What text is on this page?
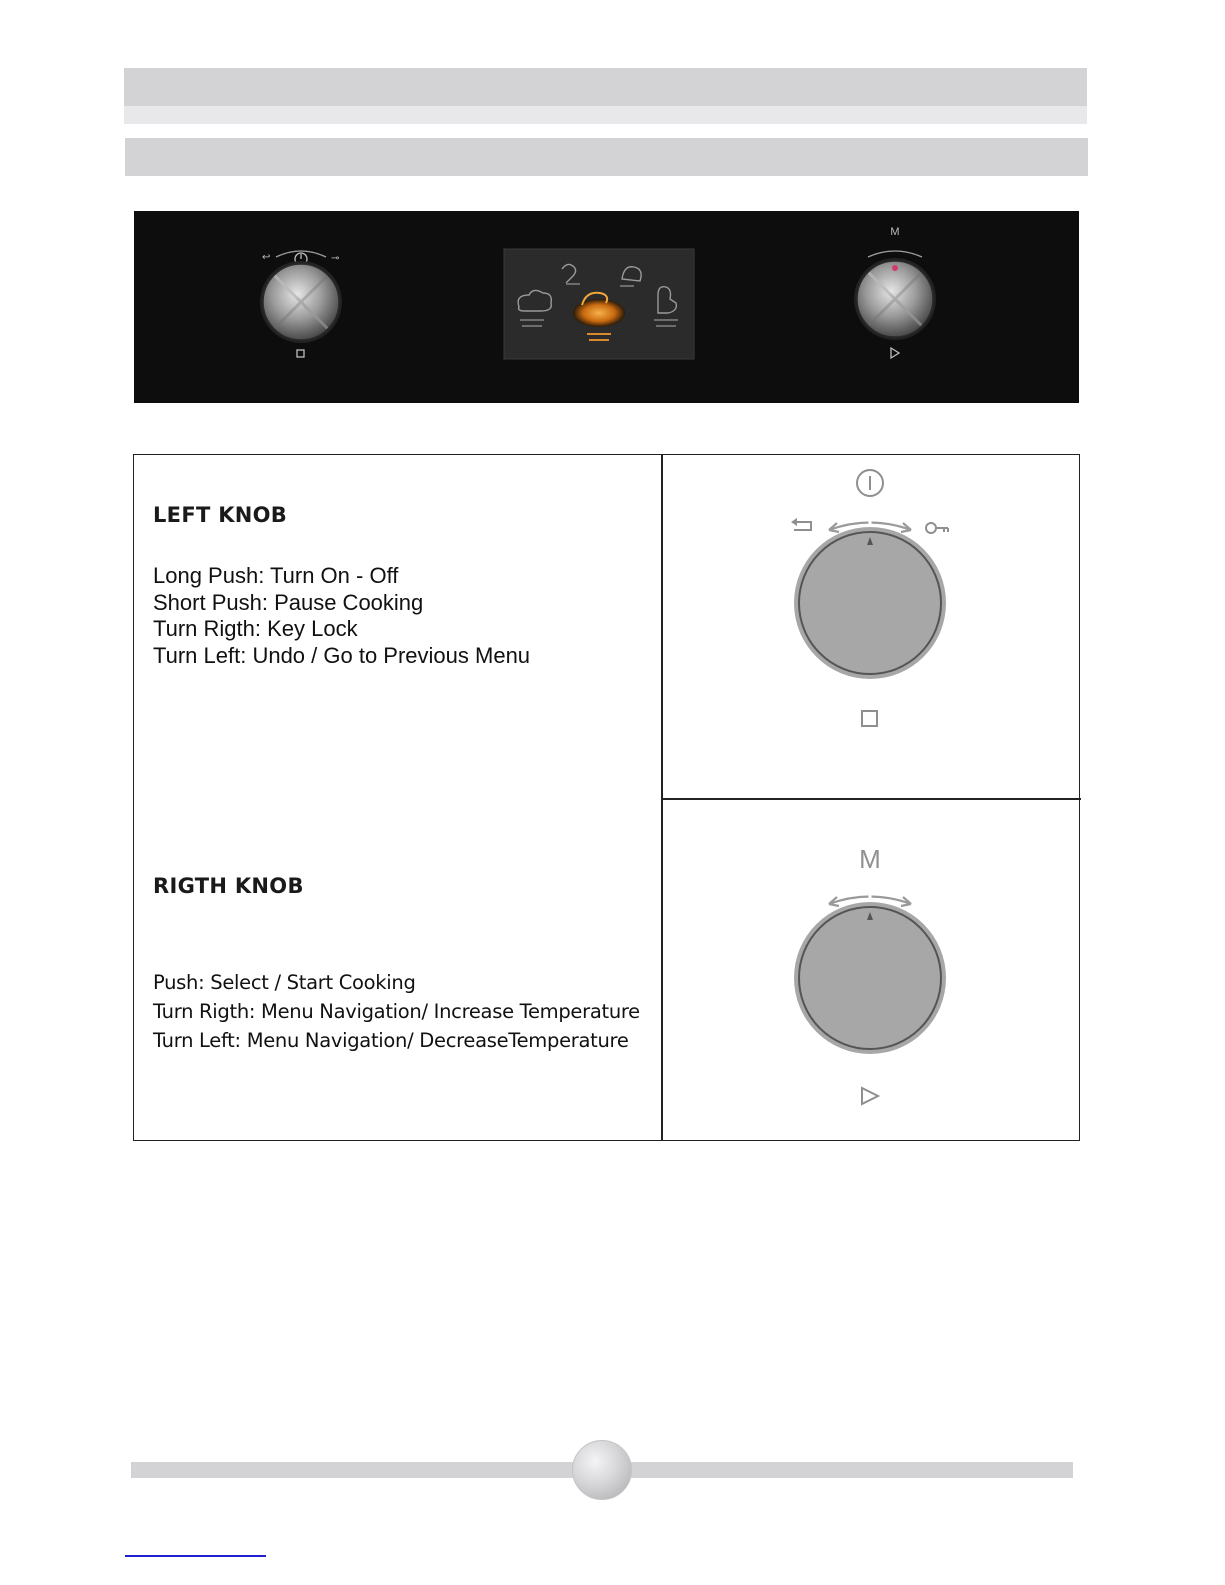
↩	⊸
M
LEFT KNOB
Long Push: Turn On - Off
Short Push: Pause Cooking
Turn Rigth: Key Lock
Turn Left: Undo / Go to Previous Menu
RIGTH KNOB
Push: Select / Start Cooking
Turn Rigth: Menu Navigation/ Increase Temperature
Turn Left: Menu Navigation/ DecreaseTemperature
M
